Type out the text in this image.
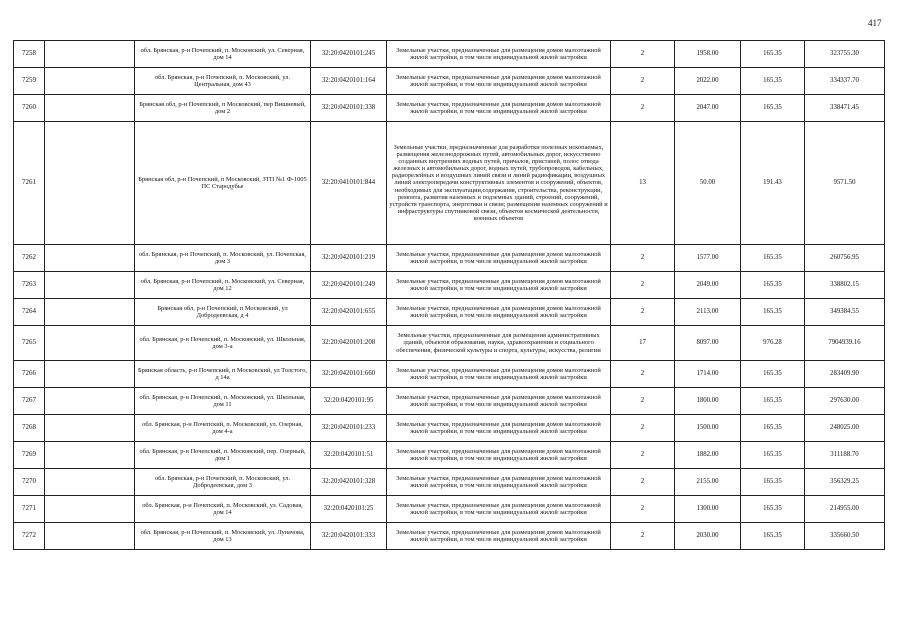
417
7258		обл. Брянская, р-н Почепский, п. Московский, ул. Северная, дом 14	32:20:0420101:245	Земельные участки, предназначенные для размещения домов малоэтажной жилой застройки, в том числе индивидуальной жилой застройки	2	1958.00	165.35	323755.30
7259		обл. Брянская, р-н Почепский, п. Московский, ул. Центральная, дом 43	32:20:0420101:164	Земельные участки, предназначенные для размещения домов малоэтажной жилой застройки, в том числе индивидуальной жилой застройки	2	2022.00	165.35	334337.70
7260		Брянская обл, р-н Почепский, п Московский, пер Вишневый, дом 2	32:20:0420101:338	Земельные участки, предназначенные для размещения домов малоэтажной жилой застройки, в том числе индивидуальной жилой застройки	2	2047.00	165.35	338471.45
7261		Брянская обл, р-н Почепский, п Московский, ЗТП №1 Ф-1005 ПС Стародубье	32:20:0410101:844	Земельные участки, предназначенные для разработки полезных ископаемых, размещения железнодорожных путей, автомобильных дорог, искусственно созданных внутренних водных путей, причалов, пристаней, полос отвода железных и автомобильных дорог, водных путей, трубопроводов, кабельных, радиорелейных и воздушных линий связи и линий радиофикации, воздушных линий электропередачи конструктивных элементов и сооружений, объектов, необходимых для эксплуатации,содержания, строительства, реконструкции, ремонта, развития наземных и подземных зданий, строений, сооружений, устройств транспорта, энергетики и связи; размещения наземных сооружений и инфраструктуры спутниковой связи, объектов космической деятельности, военных объектов	13	50.00	191.43	9571.50
7262		обл. Брянская, р-н Почепский, п. Московский, ул. Почепская, дом 3	32:20:0420101:219	Земельные участки, предназначенные для размещения домов малоэтажной жилой застройки, в том числе индивидуальной жилой застройки	2	1577.00	165.35	260756.95
7263		обл. Брянская, р-н Почепский, п. Московский, ул. Северная, дом 12	32:20:0420101:249	Земельные участки, предназначенные для размещения домов малоэтажной жилой застройки, в том числе индивидуальной жилой застройки	2	2049.00	165.35	338802.15
7264		Брянская обл, р-н Почепский, п Московский, ул Добродеевская, д 4	32:20:0420101:655	Земельные участки, предназначенные для размещения домов малоэтажной жилой застройки, в том числе индивидуальной жилой застройки	2	2113.00	165.35	349384.55
7265		обл. Брянская, р-н Почепский, п. Московский, ул. Школьная, дом 3-а	32:20:0420101:208	Земельные участки, предназначенные для размещения административных зданий, объектов образования, науки, здравоохранения и социального обеспечения, физической культуры и спорта, культуры, искусства, религии	17	8097.00	976.28	7904939.16
7266		Брянская область, р-н Почепский, п Московский, ул Толстого, д 14а	32:20:0420101:660	Земельные участки, предназначенные для размещения домов малоэтажной жилой застройки, в том числе индивидуальной жилой застройки	2	1714.00	165.35	283409.90
7267		обл. Брянская, р-н Почепский, п. Московский, ул. Школьная, дом 11	32:20:0420101:95	Земельные участки, предназначенные для размещения домов малоэтажной жилой застройки, в том числе индивидуальной жилой застройки	2	1800.00	165.35	297630.00
7268		обл. Брянская, р-н Почепский, п. Московский, ул. Озерная, дом 4-а	32:20:0420101:233	Земельные участки, предназначенные для размещения домов малоэтажной жилой застройки, в том числе индивидуальной жилой застройки	2	1500.00	165.35	248025.00
7269		обл. Брянская, р-н Почепский, п. Московский, пер. Озерный, дом 1	32:20:0420101:51	Земельные участки, предназначенные для размещения домов малоэтажной жилой застройки, в том числе индивидуальной жилой застройки	2	1882.00	165.35	311188.70
7270		обл. Брянская, р-н Почепский, п. Московский, ул. Добродеевская, дом 3	32:20:0420101:328	Земельные участки, предназначенные для размещения домов малоэтажной жилой застройки, в том числе индивидуальной жилой застройки	2	2155.00	165.35	356329.25
7271		обл. Брянская, р-н Почепский, п. Московский, ул. Садовая, дом 14	32:20:0420101:25	Земельные участки, предназначенные для размещения домов малоэтажной жилой застройки, в том числе индивидуальной жилой застройки	2	1300.00	165.35	214955.00
7272		обл. Брянская, р-н Почепский, п. Московский, ул. Луначова, дом 13	32:20:0420101:333	Земельные участки, предназначенные для размещения домов малоэтажной жилой застройки, в том числе индивидуальной жилой застройки	2	2030.00	165.35	335660.50
